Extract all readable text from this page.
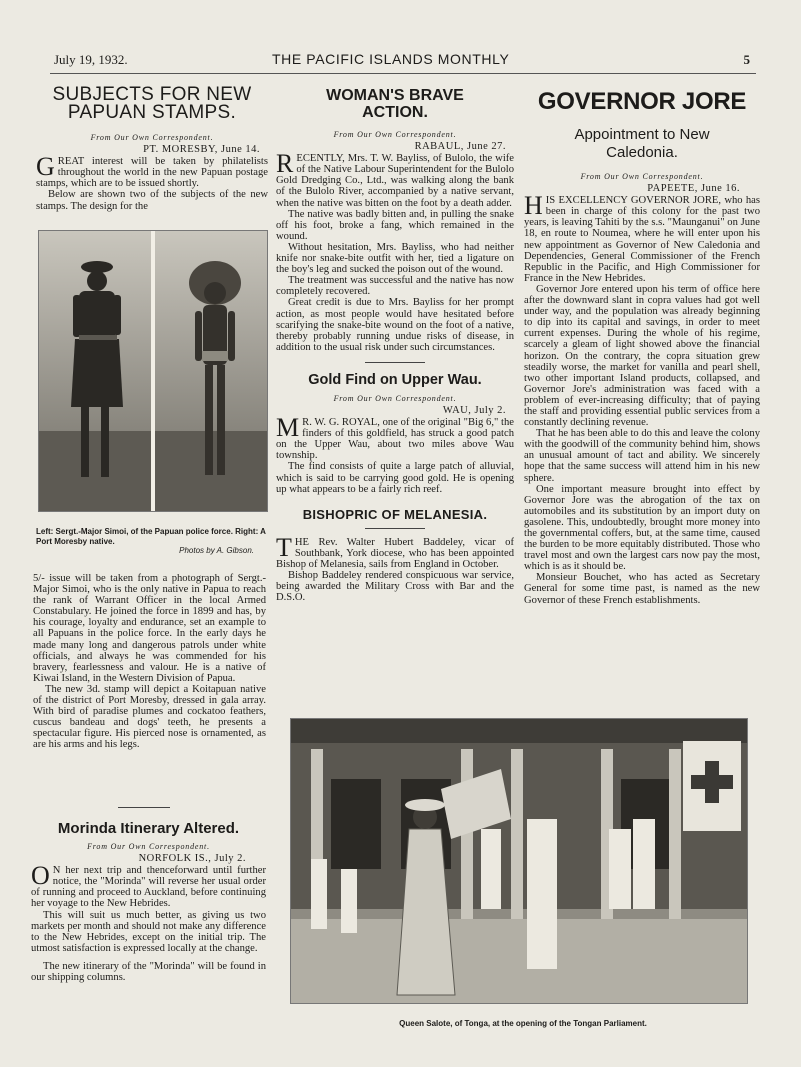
July 19, 1932.	THE PACIFIC ISLANDS MONTHLY	5
SUBJECTS FOR NEW PAPUAN STAMPS.
From Our Own Correspondent.
PT. MORESBY, June 14.

GREAT interest will be taken by philatelists throughout the world in the new Papuan postage stamps, which are to be issued shortly.

Below are shown two of the subjects of the new stamps. The design for the

Left: Sergt.-Major Simoi, of the Papuan police force. Right: A Port Moresby native.
Photos by A. Gibson.

5/- issue will be taken from a photograph of Sergt.-Major Simoi, who is the only native in Papua to reach the rank of Warrant Officer in the local Armed Constabulary. He joined the force in 1899 and has, by his courage, loyalty and endurance, set an example to all Papuans in the police force. In the early days he made many long and dangerous patrols under white officials, and always he was commended for his bravery, fearlessness and valour. He is a native of Kiwai Island, in the Western Division of Papua.

The new 3d. stamp will depict a Koitapuan native of the district of Port Moresby, dressed in gala array. With bird of paradise plumes and cockatoo feathers, cuscus bandeau and dogs' teeth, he presents a spectacular figure. His pierced nose is ornamented, as are his arms and his legs.

Morinda Itinerary Altered.
From Our Own Correspondent.
NORFOLK IS., July 2.

O N her next trip and thenceforward until further notice, the "Morinda" will reverse her usual order of running and proceed to Auckland, before continuing her voyage to the New Hebrides.

This will suit us much better, as giving us two markets per month and should not make any difference to the New Hebrides, except on the initial trip. The utmost satisfaction is expressed locally at the change.

The new itinerary of the "Morinda" will be found in our shipping columns.

WOMAN'S BRAVE ACTION.
From Our Own Correspondent.
RABAUL, June 27.

RECENTLY, Mrs. T. W. Bayliss, of Bulolo, the wife of the Native Labour Superintendent for the Bulolo Gold Dredging Co., Ltd., was walking along the bank of the Bulolo River, accompanied by a native servant, when the native was bitten on the foot by a death adder.

The native was badly bitten and, in pulling the snake off his foot, broke a fang, which remained in the wound.

Without hesitation, Mrs. Bayliss, who had neither knife nor snake-bite outfit with her, tied a ligature on the boy's leg and sucked the poison out of the wound.

The treatment was successful and the native has now completely recovered.

Great credit is due to Mrs. Bayliss for her prompt action, as most people would have hesitated before scarifying the snake-bite wound on the foot of a native, thereby probably running undue risks of disease, in addition to the usual risk under such circumstances.

Gold Find on Upper Wau.
From Our Own Correspondent.
WAU, July 2.

M R. W. G. ROYAL, one of the original "Big 6," the finders of this goldfield, has struck a good patch on the Upper Wau, about two miles above Wau township.

The find consists of quite a large patch of alluvial, which is said to be carrying good gold. He is opening up what appears to be a fairly rich reef.

BISHOPRIC OF MELANESIA.

THE Rev. Walter Hubert Baddeley, vicar of Southbank, York diocese, who has been appointed Bishop of Melanesia, sails from England in October.

Bishop Baddeley rendered conspicuous war service, being awarded the Military Cross with Bar and the D.S.O.

GOVERNOR JORE
Appointment to New Caledonia.
From Our Own Correspondent.
PAPEETE, June 16.

HIS EXCELLENCY GOVERNOR JORE, who has been in charge of this colony for the past two years, is leaving Tahiti by the s.s. "Maunganui" on June 18, en route to Noumea, where he will enter upon his new appointment as Governor of New Caledonia and Dependencies, General Commissioner of the French Republic in the Pacific, and High Commissioner for France in the New Hebrides.

Governor Jore entered upon his term of office here after the downward slant in copra values had got well under way, and the population was already beginning to dip into its capital and savings, in order to meet current expenses. During the whole of his regime, scarcely a gleam of light showed above the financial horizon. On the contrary, the copra situation grew steadily worse, the market for vanilla and pearl shell, two other important Island products, collapsed, and Governor Jore's administration was faced with a problem of ever-increasing difficulty; that of paying the staff and providing essential public services from a constantly declining revenue.

That he has been able to do this and leave the colony with the goodwill of the community behind him, shows an unusual amount of tact and ability. We sincerely hope that the same success will attend him in his new sphere.

One important measure brought into effect by Governor Jore was the abrogation of the tax on automobiles and its substitution by an import duty on gasolene. This, undoubtedly, brought more money into the governmental coffers, but, at the same time, caused the burden to be more equitably distributed. Those who travel most and own the largest cars now pay the most, which is as it should be.

Monsieur Bouchet, who has acted as Secretary General for some time past, is named as the new Governor of these French establishments.

Queen Salote, of Tonga, at the opening of the Tongan Parliament.
